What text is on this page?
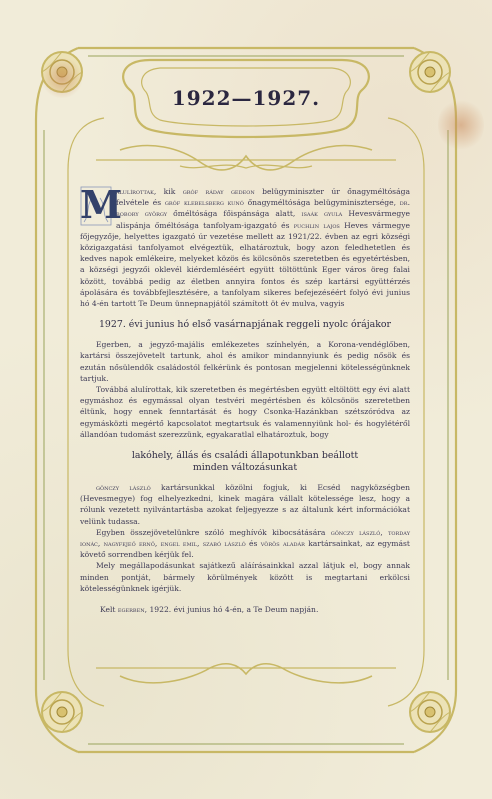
1922—1927.

M
alulírottak, kik gróf ráday gedeon belügyminiszter úr őnagyméltósága felvétele és gróf klebelsberg kunó őnagyméltósága belügyminisztersége, dr. bobory györgy őméltósága főispánsága alatt, isaák gyula Hevesvármegye alispánja őméltósága tanfolyam-igazgató és puchlin lajos Heves vármegye főjegyzője, helyettes igazgató úr vezetése mellett az 1921/22. évben az egri községi közigazgatási tanfolyamot elvégeztük, elhatároztuk, bogy azon feledhetetlen és kedves napok emlékeire, melyeket közös és kölcsönös szeretetben és egyetértésben, a községi jegyzői oklevél kiérdemléséért együtt töltöttünk Eger város öreg falai között, továbbá pedig az életben annyira fontos és szép kartársi együttérzés ápolására és továbbfejlesztésére, a tanfolyam sikeres befejezéséért folyó évi junius hó 4-én tartott Te Deum ünnepnapjától számított öt év mulva, vagyis

1927. évi junius hó első vasárnapjának reggeli nyolc órájakor

Egerben, a jegyző-majális emlékezetes színhelyén, a Korona-vendéglőben, kartársi összejövetelt tartunk, ahol és amikor mindannyiunk és pedig nősök és ezután nősülendők családostól felkérünk és pontosan megjelenni kötelességünknek tartjuk.

Továbbá alulírottak, kik szeretetben és megértésben együtt eltöltött egy évi alatt egymáshoz és egymással olyan testvéri megértésben és kölcsönös szeretetben éltünk, hogy ennek fenntartását és hogy Csonka-Hazánkban szétszóródva az egymásközti megértő kapcsolatot megtartsuk és valamennyiünk hol- és hogylétéről állandóan tudomást szerezzünk, egyakaratlal elhatároztuk, bogy

lakóhely, állás és családi állapotunkban beállott
minden változásunkat

gönczy lászló kartársunkkal közölni fogjuk, ki Ecséd nagyközségben (Hevesmegye) fog elhelyezkedni, kinek magára vállalt kötelessége lesz, hogy a rólunk vezetett nyilvántartásba azokat feljegyezze s az általunk kért információkat velünk tudassa.

Egyben összejövetelünkre szóló meghívók kibocsátására gönczy lászló, torday ionác, nagyfejeő ernő, engel emil, szabó lászló és vörös aladár kartársainkat, az egymást követő sorrendben kérjük fel.

Mely megállapodásunkat sajátkezű aláírásainkkal azzal látjuk el, bogy annak minden pontját, bármely körülmények között is megtartani erkölcsi kötelességünknek igérjük.

Kelt egerben, 1922. évi junius hó 4-én, a Te Deum napján.
